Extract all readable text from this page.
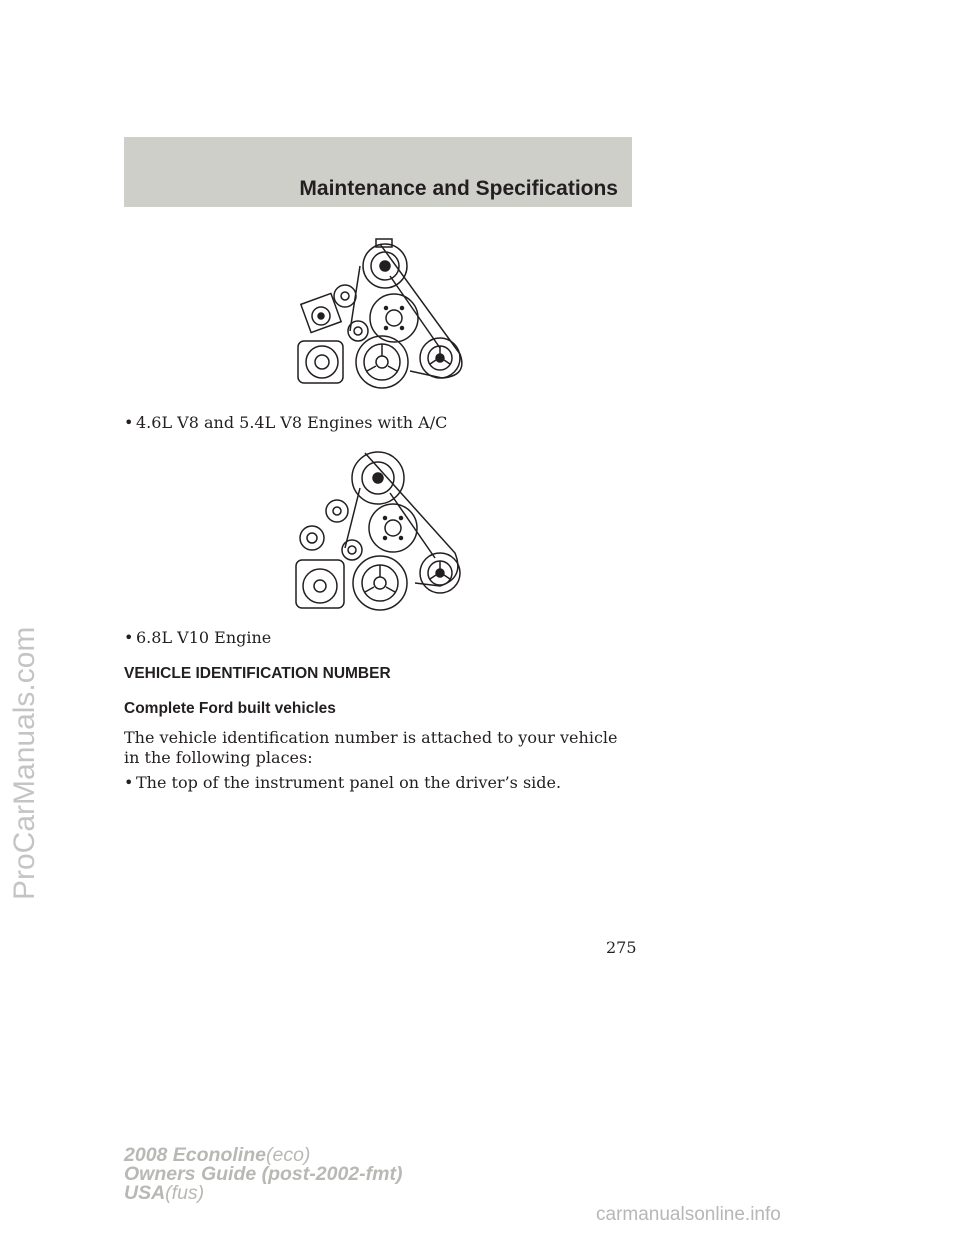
Maintenance and Specifications
• 4.6L V8 and 5.4L V8 Engines with A/C
• 6.8L V10 Engine
VEHICLE IDENTIFICATION NUMBER
Complete Ford built vehicles
The vehicle identification number is attached to your vehicle in the following places:
• The top of the instrument panel on the driver’s side.
275
2008 Econoline(eco)
Owners Guide (post-2002-fmt)
USA(fus)
ProCarManuals.com
carmanualsonline.info
